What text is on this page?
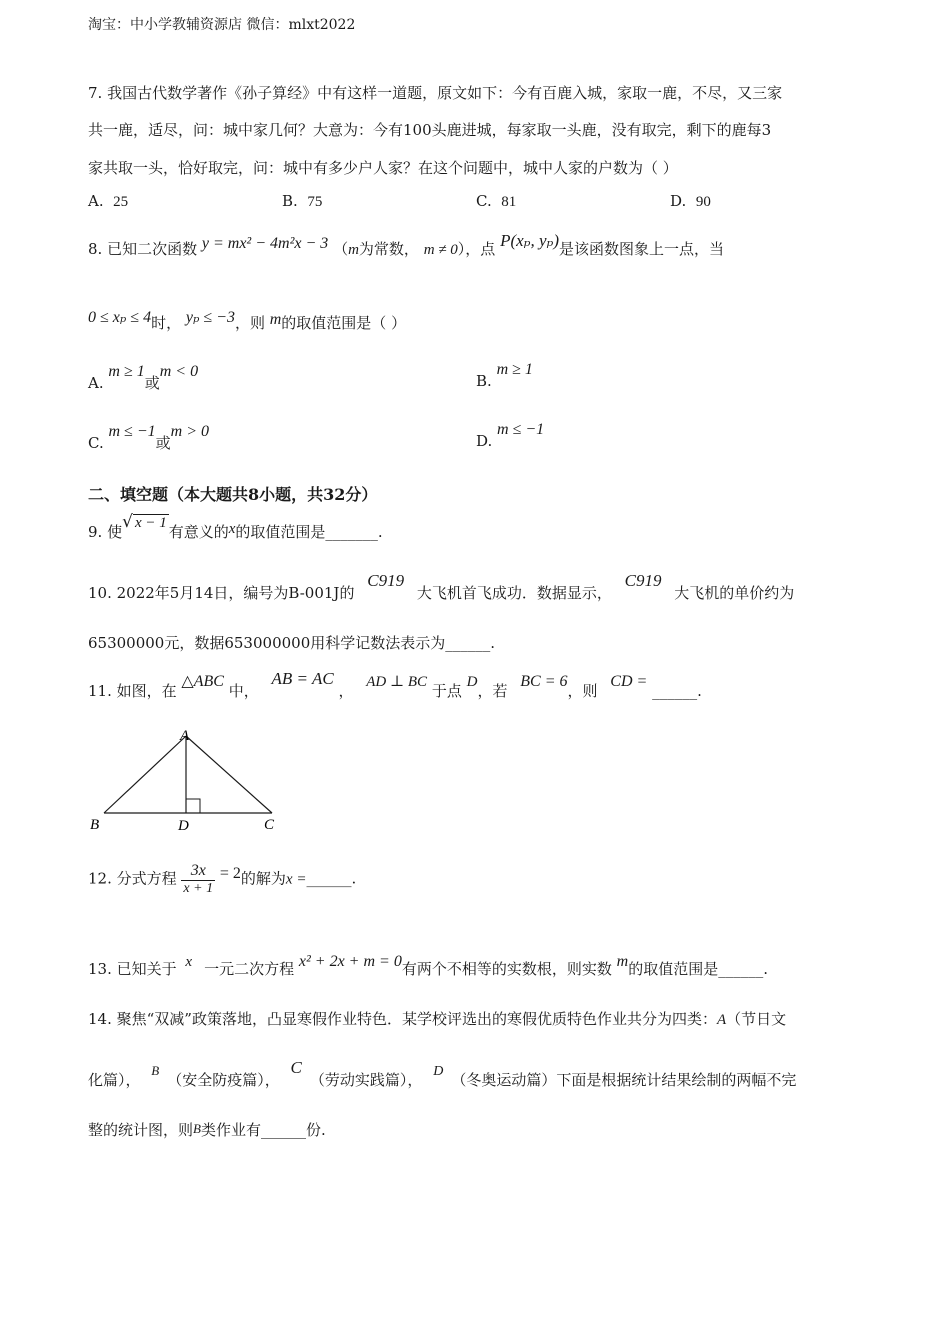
淘宝：中小学教辅资源店 微信：mlxt2022
7. 我国古代数学著作《孙子算经》中有这样一道题，原文如下：今有百鹿入城，家取一鹿，不尽，又三家
共一鹿，适尽，问：城中家几何？大意为：今有100头鹿进城，每家取一头鹿，没有取完，剩下的鹿每3
家共取一头，恰好取完，问：城中有多少户人家？在这个问题中，城中人家的户数为（ ）
A. 25	B. 75	C. 81	D. 90
8. 已知二次函数 y = mx² − 4m²x − 3 （m为常数， m ≠ 0），点 P(xₚ, yₚ)是该函数图象上一点，当
0 ≤ xₚ ≤ 4时， yₚ ≤ −3，则 m的取值范围是（ ）
A. m ≥ 1或m < 0
B. m ≥ 1
C. m ≤ −1或m > 0
D. m ≤ −1
二、填空题（本大题共8小题，共32分）
9. 使√ x − 1 有意义的x的取值范围是_______.
10. 2022年5月14日，编号为B-001J的 C919 大飞机首飞成功．数据显示， C919 大飞机的单价约为
65300000元，数据653000000用科学记数法表示为______.
11. 如图，在 △ABC 中， AB = AC ， AD ⊥ BC 于点 D，若 BC = 6，则 CD = ______.
A
B	D	C
12. 分式方程 $\frac{3x}{x + 1} = 2$的解为x =______.
13. 已知关于 x 一元二次方程 x² + 2x + m = 0有两个不相等的实数根，则实数 m的取值范围是______.
14. 聚焦“双减”政策落地，凸显寒假作业特色．某学校评选出的寒假优质特色作业共分为四类：A（节日文
化篇）， B（安全防疫篇）， C（劳动实践篇）， D （冬奥运动篇）下面是根据统计结果绘制的两幅不完
整的统计图，则B类作业有______份.
